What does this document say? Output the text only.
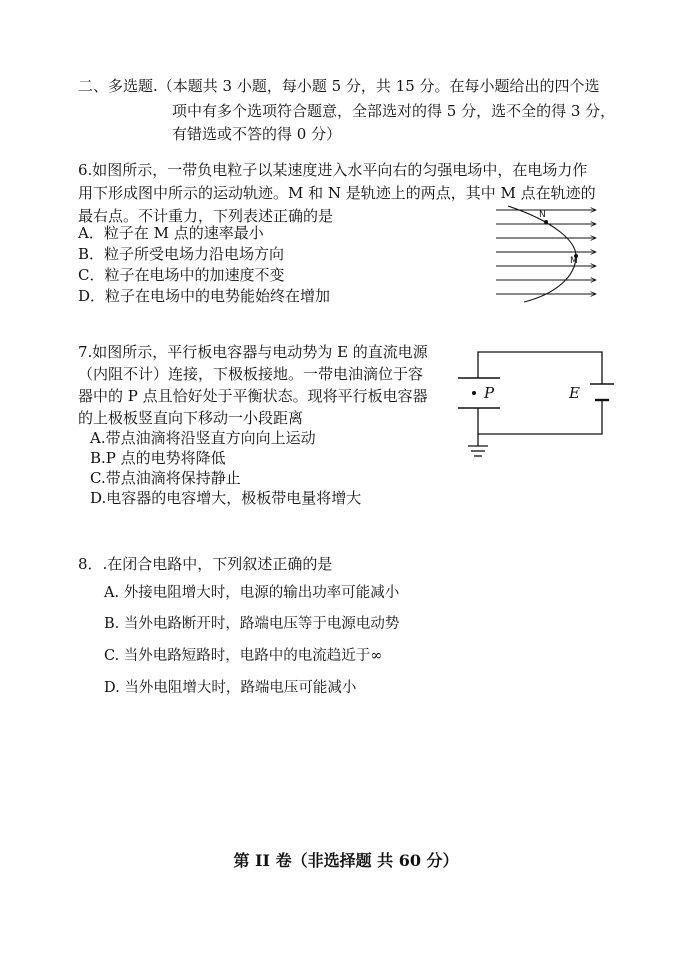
二、多选题.（本题共 3 小题，每小题 5 分，共 15 分。在每小题给出的四个选
项中有多个选项符合题意，全部选对的得 5 分，选不全的得 3 分，
有错选或不答的得 0 分）
6.如图所示，一带负电粒子以某速度进入水平向右的匀强电场中，在电场力作
用下形成图中所示的运动轨迹。M 和 N 是轨迹上的两点，其中 M 点在轨迹的
最右点。不计重力，下列表述正确的是
A．粒子在 M 点的速率最小
B．粒子所受电场力沿电场方向
C．粒子在电场中的加速度不变
D．粒子在电场中的电势能始终在增加
N
M
7.如图所示，平行板电容器与电动势为 E 的直流电源
（内阻不计）连接，下极板接地。一带电油滴位于容
器中的 P 点且恰好处于平衡状态。现将平行板电容器
的上极板竖直向下移动一小段距离
A.带点油滴将沿竖直方向向上运动
B.P 点的电势将降低
C.带点油滴将保持静止
D.电容器的电容增大，极板带电量将增大
P	E
8．.在闭合电路中，下列叙述正确的是
A. 外接电阻增大时，电源的输出功率可能减小
B. 当外电路断开时，路端电压等于电源电动势
C. 当外电路短路时，电路中的电流趋近于∞
D. 当外电阻增大时，路端电压可能减小
第 II 卷（非选择题 共 60 分）
